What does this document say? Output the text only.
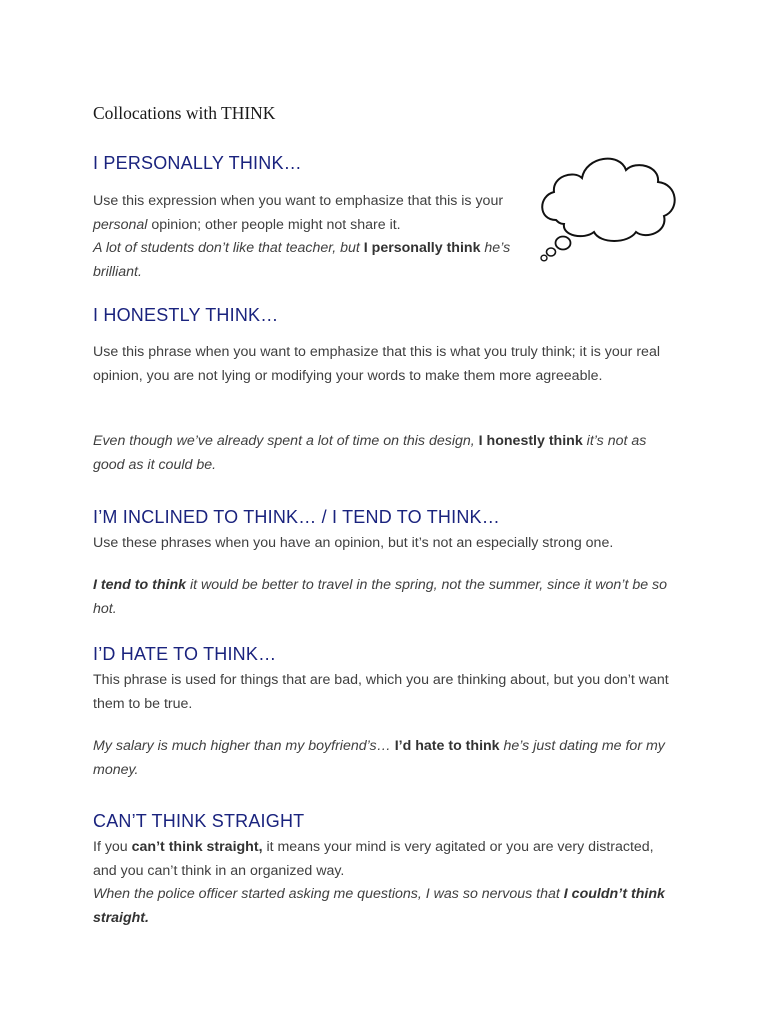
Collocations with THINK
I PERSONALLY THINK…

Use this expression when you want to emphasize that this is your personal opinion; other people might not share it.
A lot of students don’t like that teacher, but I personally think he’s brilliant.

I HONESTLY THINK…

Use this phrase when you want to emphasize that this is what you truly think; it is your real opinion, you are not lying or modifying your words to make them more agreeable.

Even though we’ve already spent a lot of time on this design, I honestly think it’s not as good as it could be.

I’M INCLINED TO THINK… / I TEND TO THINK…

Use these phrases when you have an opinion, but it’s not an especially strong one.

I tend to think it would be better to travel in the spring, not the summer, since it won’t be so hot.

I’D HATE TO THINK…

This phrase is used for things that are bad, which you are thinking about, but you don’t want them to be true.

My salary is much higher than my boyfriend’s… I’d hate to think he’s just dating me for my money.

CAN’T THINK STRAIGHT

If you can’t think straight, it means your mind is very agitated or you are very distracted, and you can’t think in an organized way.
When the police officer started asking me questions, I was so nervous that I couldn’t think straight.
